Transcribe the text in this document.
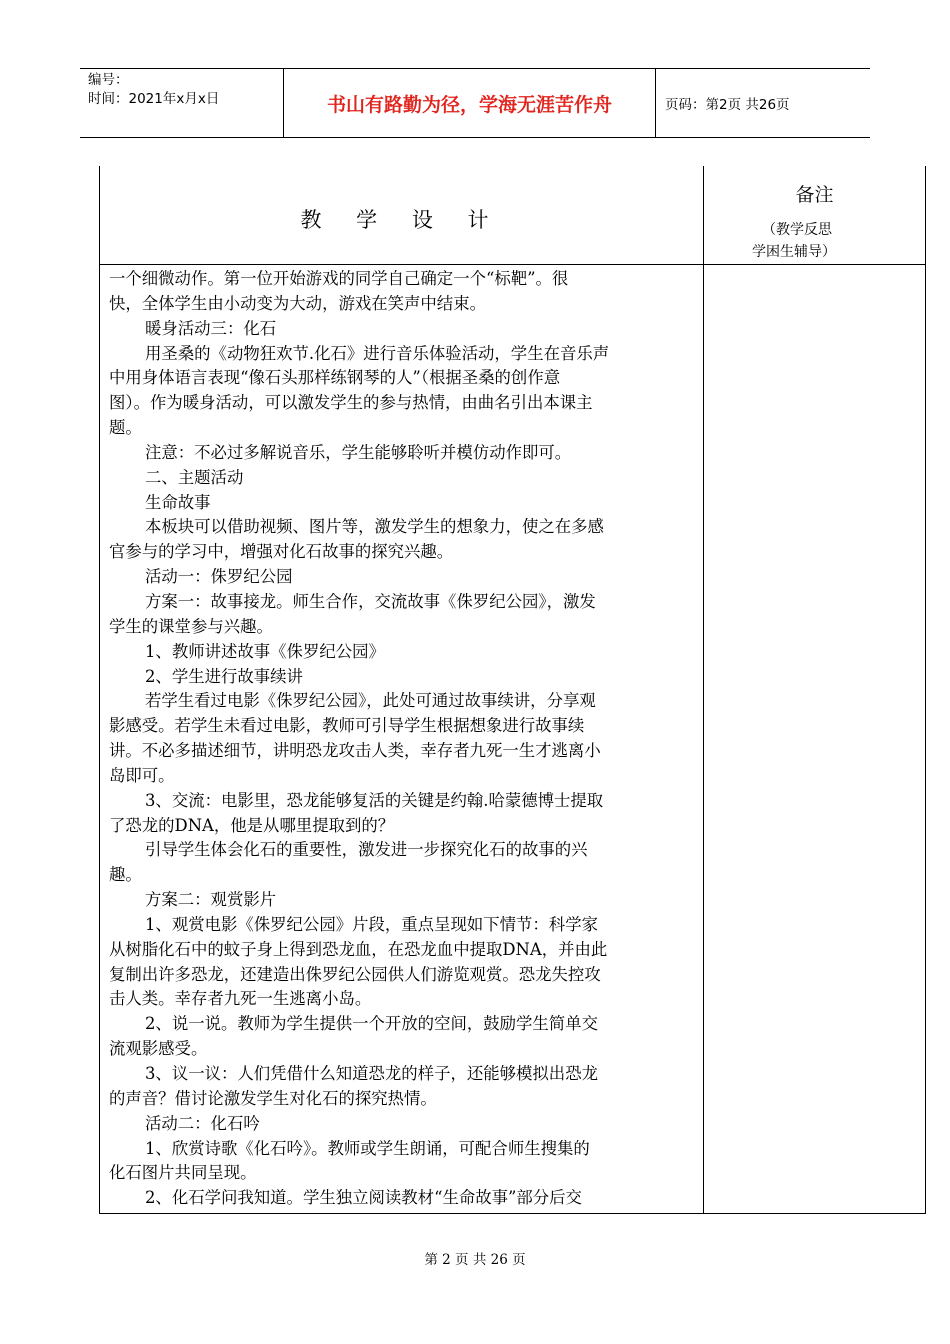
编号：
时间：2021年x月x日	书山有路勤为径，学海无涯苦作舟	页码：第2页 共26页
教 学 设 计
备注
（教学反思
学困生辅导）
一个细微动作。第一位开始游戏的同学自己确定一个“标靶”。很
快，全体学生由小动变为大动，游戏在笑声中结束。
暖身活动三：化石
用圣桑的《动物狂欢节.化石》进行音乐体验活动，学生在音乐声
中用身体语言表现“像石头那样练钢琴的人”（根据圣桑的创作意
图）。作为暖身活动，可以激发学生的参与热情，由曲名引出本课主
题。
注意：不必过多解说音乐，学生能够聆听并模仿动作即可。
二、主题活动
生命故事
本板块可以借助视频、图片等，激发学生的想象力，使之在多感
官参与的学习中，增强对化石故事的探究兴趣。
活动一：侏罗纪公园
方案一：故事接龙。师生合作，交流故事《侏罗纪公园》，激发
学生的课堂参与兴趣。
1、教师讲述故事《侏罗纪公园》
2、学生进行故事续讲
若学生看过电影《侏罗纪公园》，此处可通过故事续讲，分享观
影感受。若学生未看过电影，教师可引导学生根据想象进行故事续
讲。不必多描述细节，讲明恐龙攻击人类，幸存者九死一生才逃离小
岛即可。
3、交流：电影里，恐龙能够复活的关键是约翰.哈蒙德博士提取
了恐龙的DNA，他是从哪里提取到的？
引导学生体会化石的重要性，激发进一步探究化石的故事的兴
趣。
方案二：观赏影片
1、观赏电影《侏罗纪公园》片段，重点呈现如下情节：科学家
从树脂化石中的蚊子身上得到恐龙血，在恐龙血中提取DNA，并由此
复制出许多恐龙，还建造出侏罗纪公园供人们游览观赏。恐龙失控攻
击人类。幸存者九死一生逃离小岛。
2、说一说。教师为学生提供一个开放的空间，鼓励学生简单交
流观影感受。
3、议一议：人们凭借什么知道恐龙的样子，还能够模拟出恐龙
的声音？借讨论激发学生对化石的探究热情。
活动二：化石吟
1、欣赏诗歌《化石吟》。教师或学生朗诵，可配合师生搜集的
化石图片共同呈现。
2、化石学问我知道。学生独立阅读教材“生命故事”部分后交
第 2 页 共 26 页
